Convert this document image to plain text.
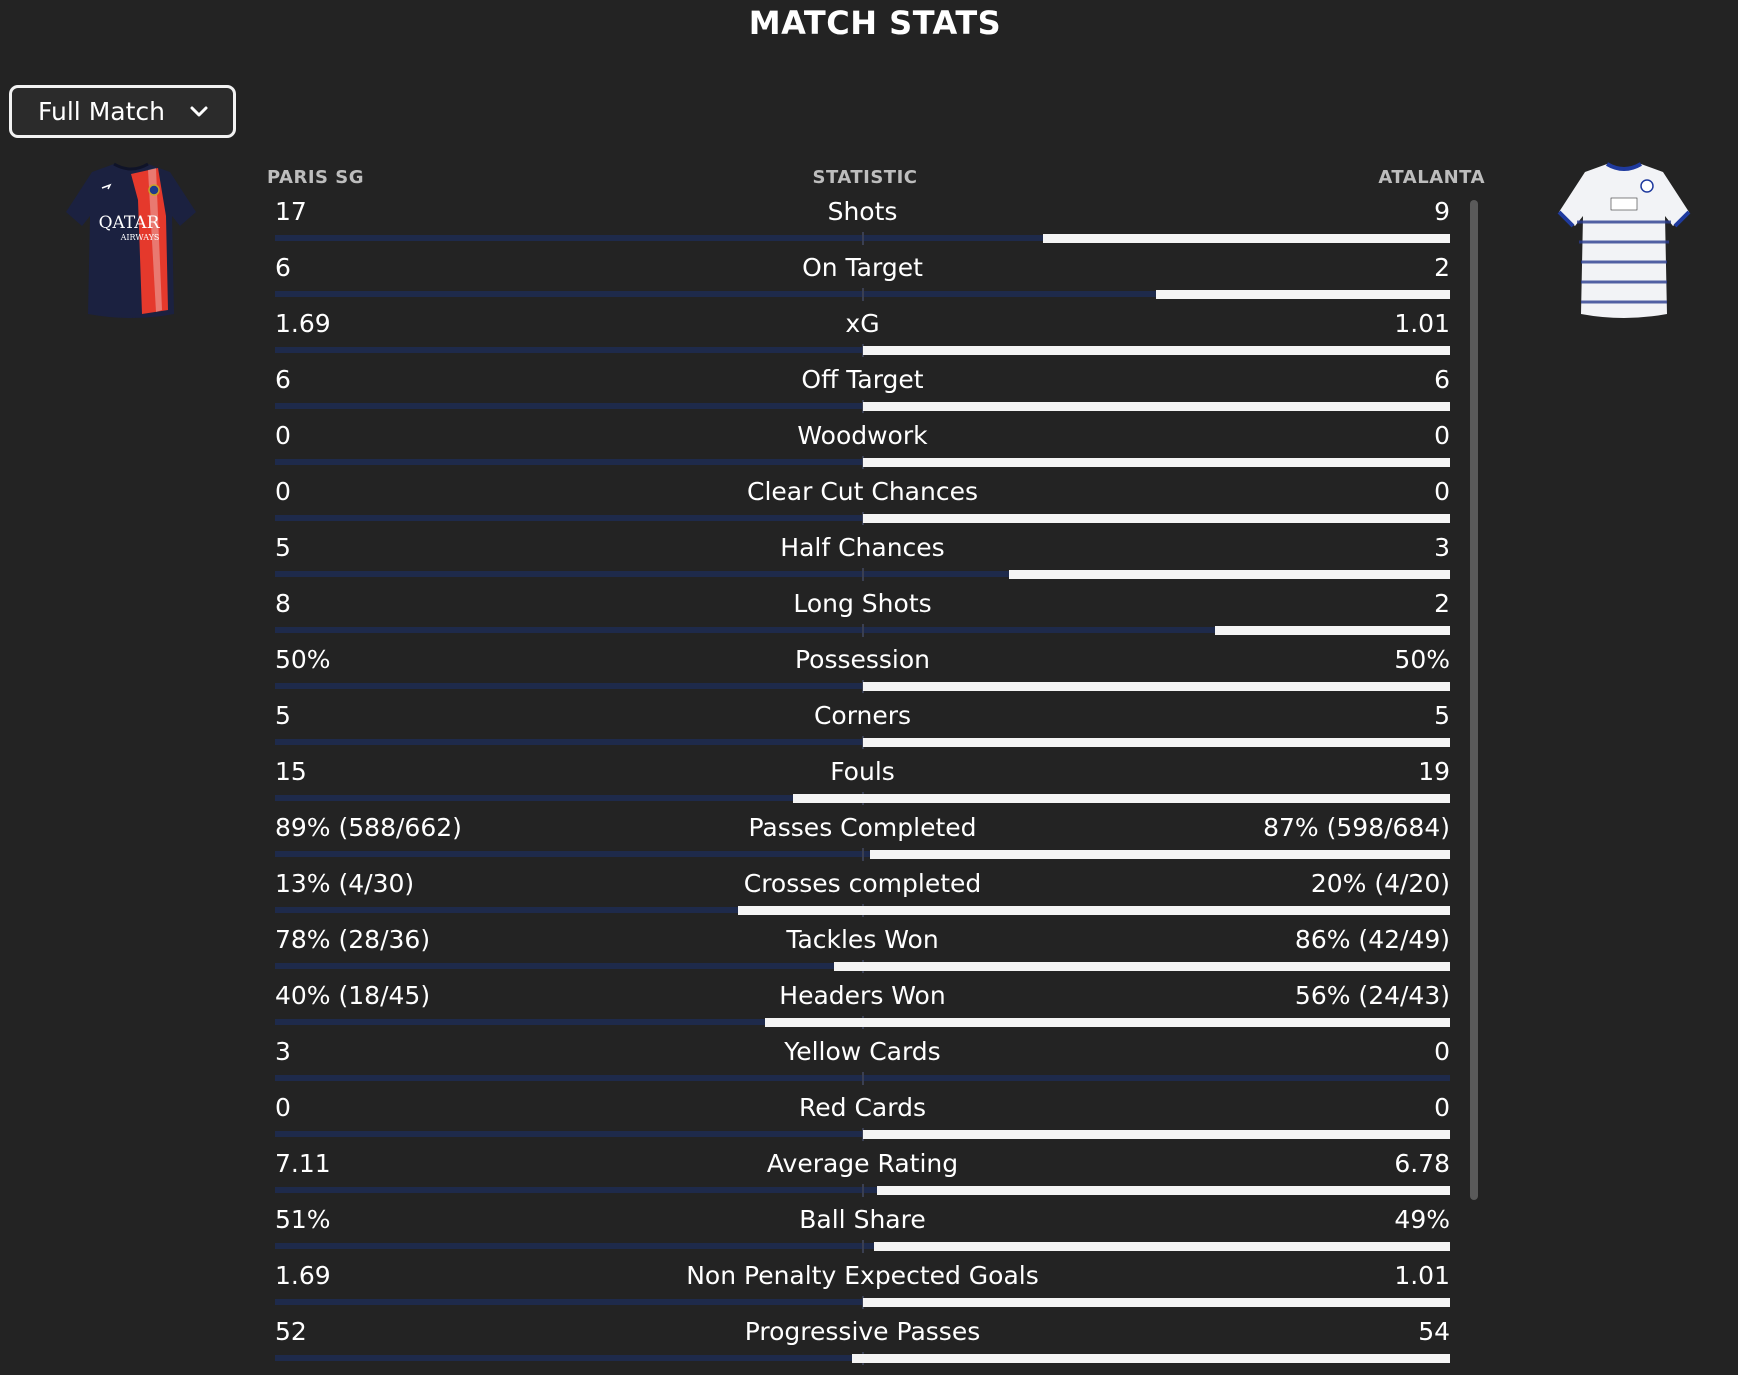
MATCH STATS
Full Match
QATAR
AIRWAYS
PARIS SG	STATISTIC	ATALANTA
17	Shots	9
6	On Target	2
1.69	xG	1.01
6	Off Target	6
0	Woodwork	0
0	Clear Cut Chances	0
5	Half Chances	3
8	Long Shots	2
50%	Possession	50%
5	Corners	5
15	Fouls	19
89% (588/662)	Passes Completed	87% (598/684)
13% (4/30)	Crosses completed	20% (4/20)
78% (28/36)	Tackles Won	86% (42/49)
40% (18/45)	Headers Won	56% (24/43)
3	Yellow Cards	0
0	Red Cards	0
7.11	Average Rating	6.78
51%	Ball Share	49%
1.69	Non Penalty Expected Goals	1.01
52	Progressive Passes	54
